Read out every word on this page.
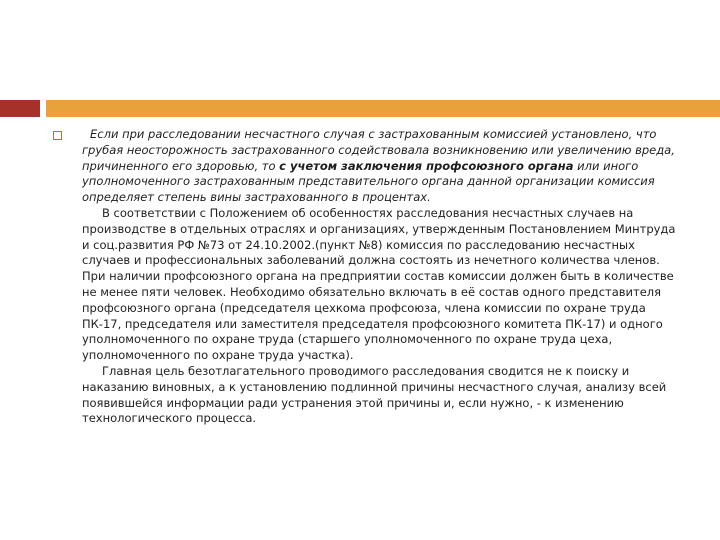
Если при расследовании несчастного случая с застрахованным комиссией установлено, что грубая неосторожность застрахованного содействовала возникновению или увеличению вреда, причиненного его здоровью, то с учетом заключения профсоюзного органа или иного уполномоченного застрахованным представительного органа данной организации комиссия определяет степень вины застрахованного в процентах.

В соответствии с Положением об особенностях расследования несчастных случаев на производстве в отдельных отраслях и организациях, утвержденным Постановлением Минтруда и соц.развития РФ №73 от 24.10.2002.(пункт №8) комиссия по расследованию несчастных случаев и профессиональных заболеваний должна состоять из нечетного количества членов. При наличии профсоюзного органа на предприятии состав комиссии должен быть в количестве не менее пяти человек. Необходимо обязательно включать в её состав одного представителя профсоюзного органа (председателя цехкома профсоюза, члена комиссии по охране труда ПК-17, председателя или заместителя председателя профсоюзного комитета ПК-17) и одного уполномоченного по охране труда (старшего уполномоченного по охране труда цеха, уполномоченного по охране труда участка).

Главная цель безотлагательного проводимого расследования сводится не к поиску и наказанию виновных, а к установлению подлинной причины несчастного случая, анализу всей появившейся информации ради устранения этой причины и, если нужно, - к изменению технологического процесса.
